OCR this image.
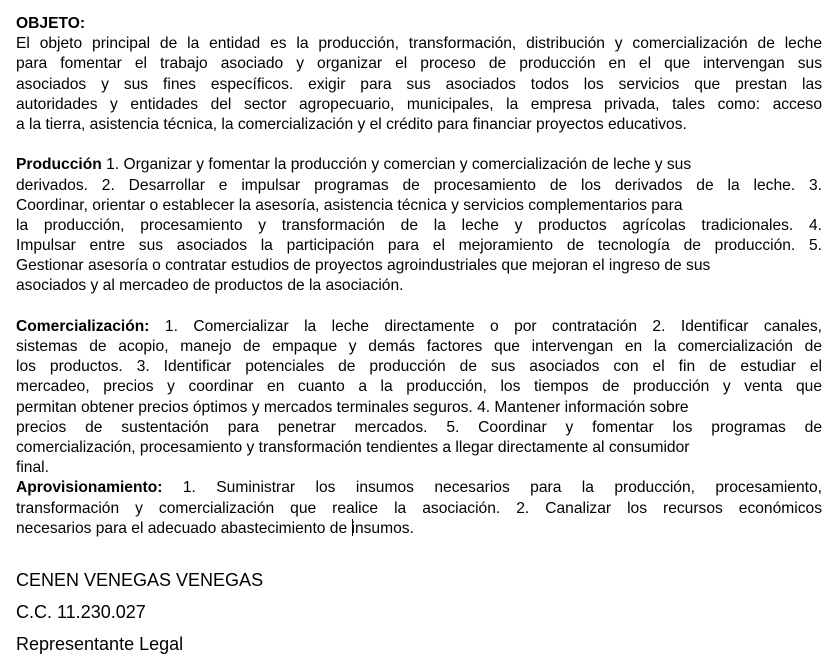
OBJETO:
El objeto principal de la entidad es la producción, transformación, distribución y comercialización de leche
para fomentar el trabajo asociado y organizar el proceso de producción en el que intervengan sus
asociados y sus fines específicos. exigir para sus asociados todos los servicios que prestan las
autoridades y entidades del sector agropecuario, municipales, la empresa privada, tales como: acceso
a la tierra, asistencia técnica, la comercialización y el crédito para financiar proyectos educativos.
Producción 1. Organizar y fomentar la producción y comercian y comercialización de leche y sus
derivados. 2. Desarrollar e impulsar programas de procesamiento de los derivados de la leche. 3.
Coordinar, orientar o establecer la asesoría, asistencia técnica y servicios complementarios para
la producción, procesamiento y transformación de la leche y productos agrícolas tradicionales. 4.
Impulsar entre sus asociados la participación para el mejoramiento de tecnología de producción. 5.
Gestionar asesoría o contratar estudios de proyectos agroindustriales que mejoran el ingreso de sus
asociados y al mercadeo de productos de la asociación.
Comercialización: 1. Comercializar la leche directamente o por contratación 2. Identificar canales,
sistemas de acopio, manejo de empaque y demás factores que intervengan en la comercialización de
los productos. 3. Identificar potenciales de producción de sus asociados con el fin de estudiar el
mercadeo, precios y coordinar en cuanto a la producción, los tiempos de producción y venta que
permitan obtener precios óptimos y mercados terminales seguros. 4. Mantener información sobre
precios de sustentación para penetrar mercados. 5. Coordinar y fomentar los programas de
comercialización, procesamiento y transformación tendientes a llegar directamente al consumidor
final.
Aprovisionamiento: 1. Suministrar los insumos necesarios para la producción, procesamiento,
transformación y comercialización que realice la asociación. 2. Canalizar los recursos económicos
necesarios para el adecuado abastecimiento de insumos.
CENEN VENEGAS VENEGAS
C.C. 11.230.027
Representante Legal
